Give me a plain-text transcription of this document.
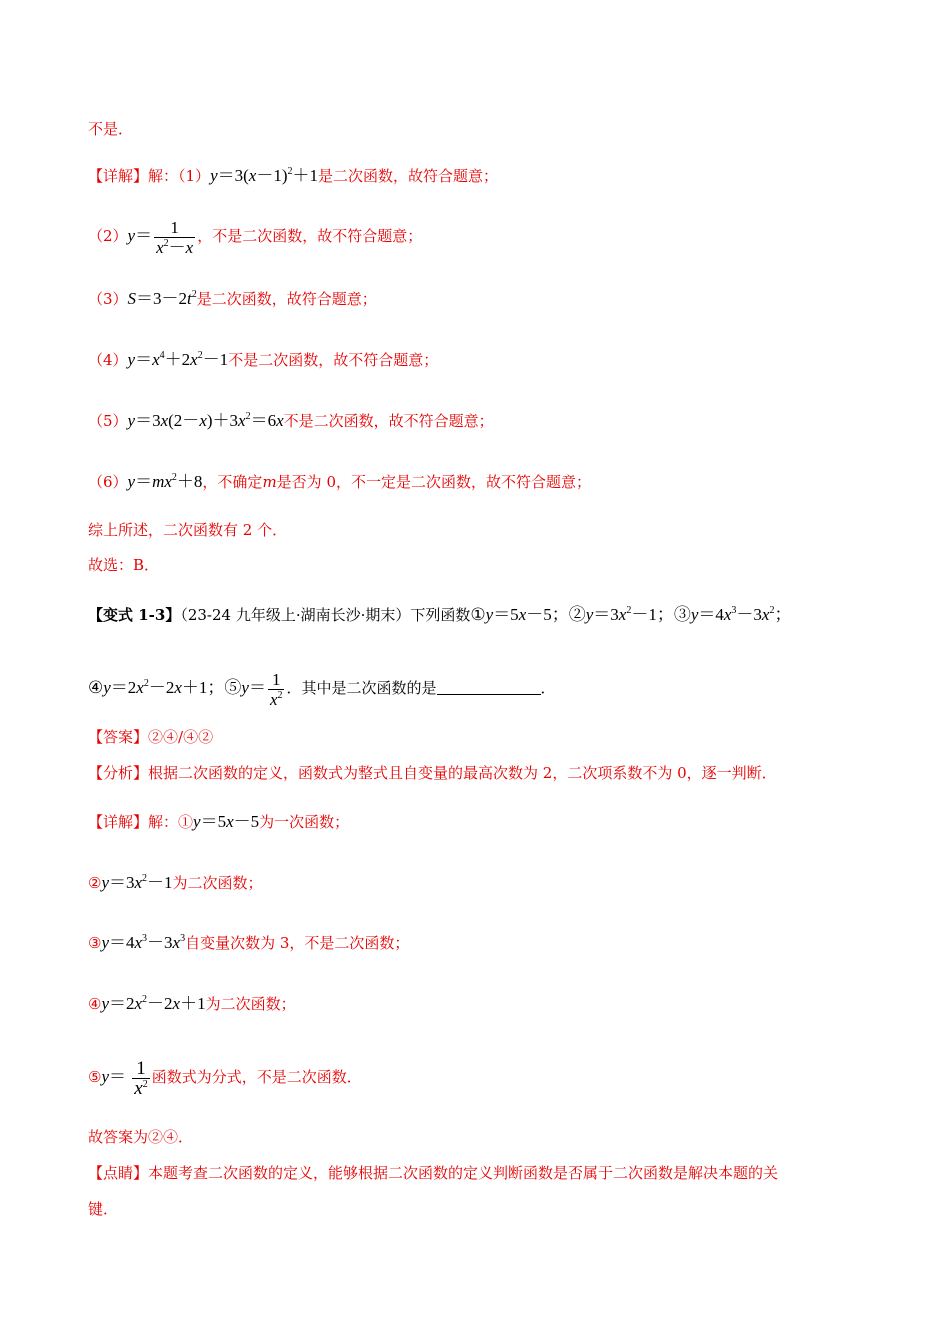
不是．
【详解】解：$(1)y=3(x-1)^2+1$是二次函数，故符合题意；
$(2)y= \frac{1}{x^2-x}$ ，不是二次函数，故不符合题意；
$(3)S=3-2t^2$是二次函数，故符合题意；
$(4)y=x^4+2x^2-1$不是二次函数，故不符合题意；
$(5)y=3x(2-x)+3x^2=6x$不是二次函数，故不符合题意；
$(6)y=mx^2+8$，不确定m是否为 0，不一定是二次函数，故不符合题意；
综上所述，二次函数有 2 个．
故选：B．
【变式 1-3】（23-24 九年级上·湖南长沙·期末）下列函数①y＝5x－5；$②y=3x^2-1$；$③y=4x^3-3x^2$；
$④y=2x^2-2x+1$；⑤y＝ $\frac{1}{x^2}$ ．其中是二次函数的是	．
【答案】②④/④②
【分析】根据二次函数的定义，函数式为整式且自变量的最高次数为 2，二次项系数不为 0，逐一判断．
【详解】解：①y＝5x－5为一次函数；
$②y=3x^2-1$为二次函数；
$③y=4x^3-3x^3$自变量次数为 3，不是二次函数；
$④y=2x^2-2x+1$为二次函数；
⑤y＝ $\frac{1}{x^2}$ 函数式为分式，不是二次函数．
故答案为②④．
【点睛】本题考查二次函数的定义，能够根据二次函数的定义判断函数是否属于二次函数是解决本题的关
键．
